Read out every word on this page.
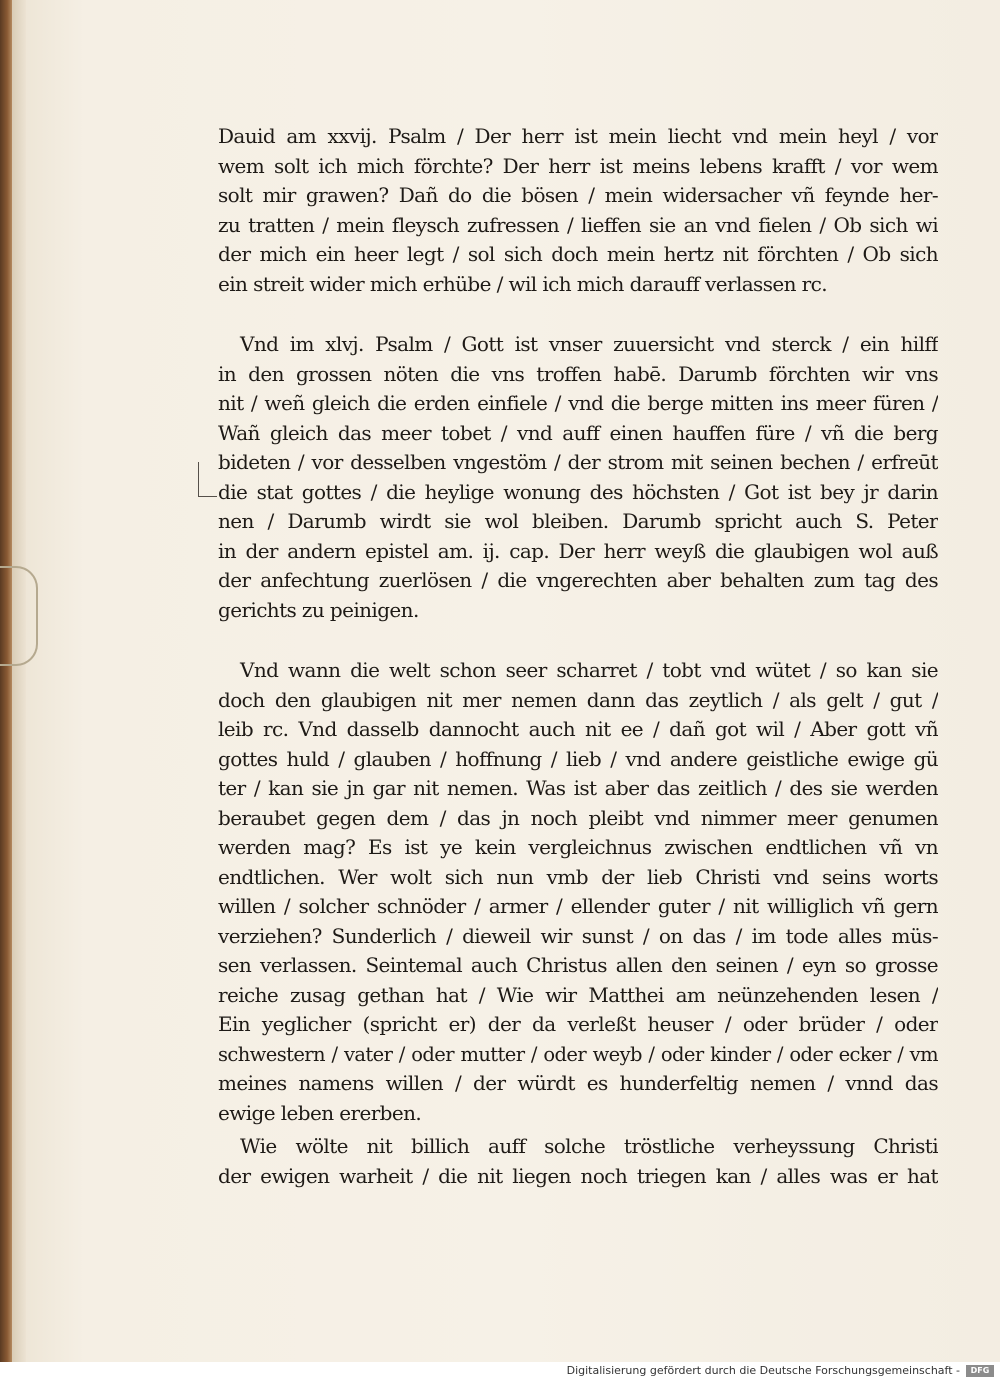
Dauid am xxvij. Psalm / Der herr ist mein liecht vnd mein heyl / vor
wem solt ich mich förchte? Der herr ist meins lebens krafft / vor wem
solt mir grawen? Dañ do die bösen / mein widersacher vñ feynde her-
zu tratten / mein fleysch zufressen / lieffen sie an vnd fielen / Ob sich wi
der mich ein heer legt / sol sich doch mein hertz nit förchten / Ob sich
ein streit wider mich erhübe / wil ich mich darauff verlassen rc.
Vnd im xlvj. Psalm / Gott ist vnser zuuersicht vnd sterck / ein hilff
in den grossen nöten die vns troffen habē. Darumb förchten wir vns
nit / weñ gleich die erden einfiele / vnd die berge mitten ins meer füren /
Wañ gleich das meer tobet / vnd auff einen hauffen füre / vñ die berg
bideten / vor desselben vngestöm / der strom mit seinen bechen / erfreūt
die stat gottes / die heylige wonung des höchsten / Got ist bey jr darin
nen / Darumb wirdt sie wol bleiben. Darumb spricht auch S. Peter
in der andern epistel am. ij. cap. Der herr weyß die glaubigen wol auß
der anfechtung zuerlösen / die vngerechten aber behalten zum tag des
gerichts zu peinigen.
Vnd wann die welt schon seer scharret / tobt vnd wütet / so kan sie
doch den glaubigen nit mer nemen dann das zeytlich / als gelt / gut /
leib rc. Vnd dasselb dannocht auch nit ee / dañ got wil / Aber gott vñ
gottes huld / glauben / hoffnung / lieb / vnd andere geistliche ewige gü
ter / kan sie jn gar nit nemen. Was ist aber das zeitlich / des sie werden
beraubet gegen dem / das jn noch pleibt vnd nimmer meer genumen
werden mag? Es ist ye kein vergleichnus zwischen endtlichen vñ vn
endtlichen. Wer wolt sich nun vmb der lieb Christi vnd seins worts
willen / solcher schnöder / armer / ellender guter / nit williglich vñ gern
verziehen? Sunderlich / dieweil wir sunst / on das / im tode alles müs-
sen verlassen. Seintemal auch Christus allen den seinen / eyn so grosse
reiche zusag gethan hat / Wie wir Matthei am neünzehenden lesen /
Ein yeglicher (spricht er) der da verleßt heuser / oder brüder / oder
schwestern / vater / oder mutter / oder weyb / oder kinder / oder ecker / vm
meines namens willen / der würdt es hunderfeltig nemen / vnnd das
ewige leben ererben.
Wie wölte nit billich auff solche tröstliche verheyssung Christi
der ewigen warheit / die nit liegen noch triegen kan / alles was er hat
Digitalisierung gefördert durch die Deutsche Forschungsgemeinschaft -	DFG
